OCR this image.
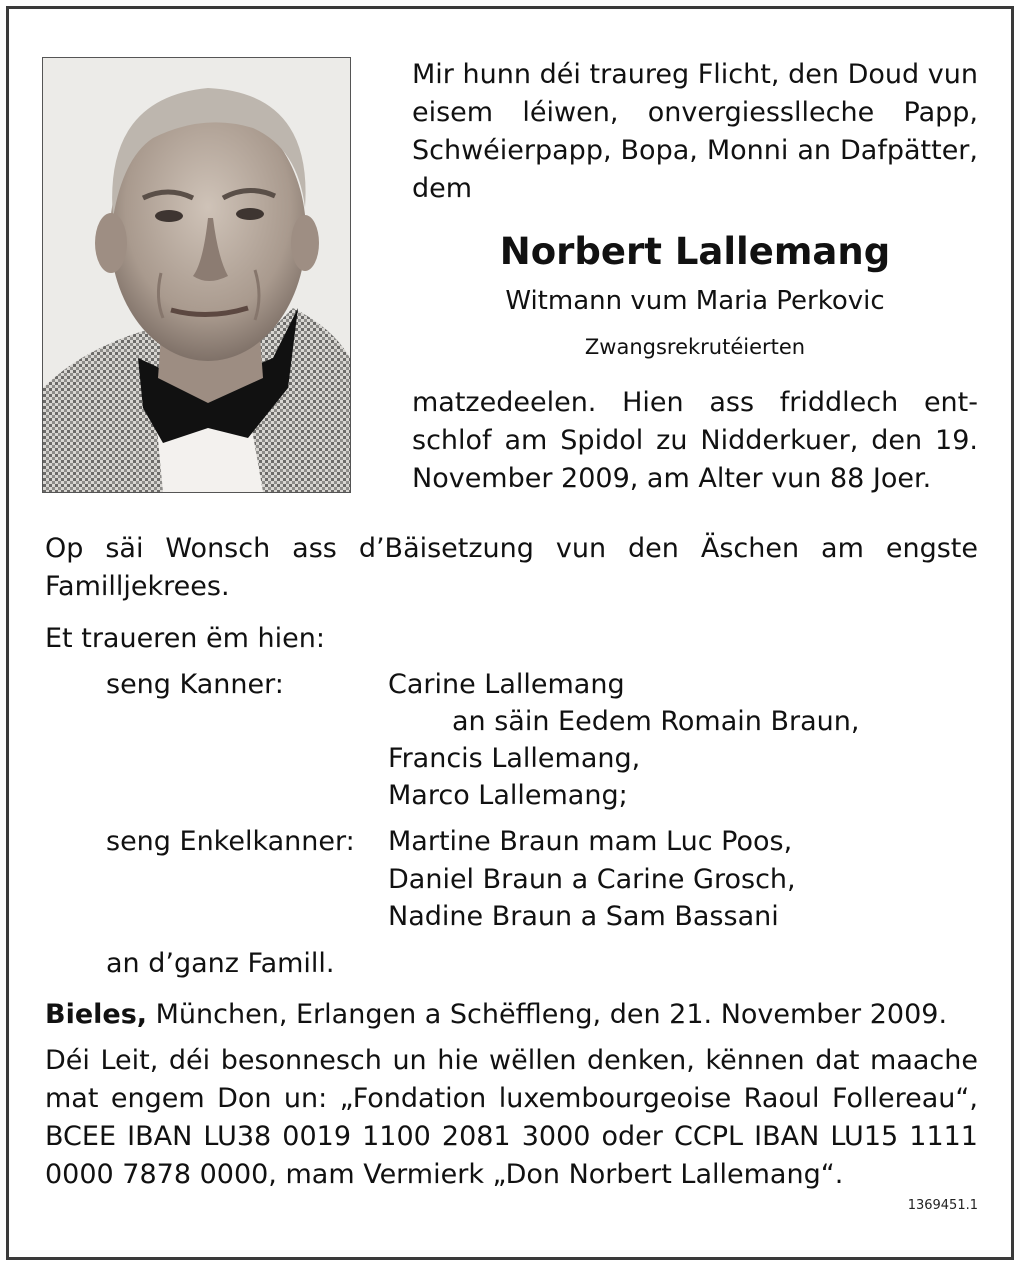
Mir hunn déi traureg Flicht, den Doud vun eisem léiwen, onvergiesslleche Papp, Schwéierpapp, Bopa, Monni an Dafpätter, dem

Norbert Lallemang

Witmann vum Maria Perkovic

Zwangsrekrutéierten

matzedeelen. Hien ass friddlech ent-schlof am Spidol zu Nidderkuer, den 19. November 2009, am Alter vun 88 Joer.

Op säi Wonsch ass d’Bäisetzung vun den Äschen am engste Familljekrees.

Et traueren ëm hien:

seng Kanner:	Carine Lallemang

an säin Eedem Romain Braun,

Francis Lallemang,

Marco Lallemang;

seng Enkelkanner: Martine Braun mam Luc Poos,

Daniel Braun a Carine Grosch,

Nadine Braun a Sam Bassani

an d’ganz Famill.

Bieles, München, Erlangen a Schëffleng, den 21. November 2009.

Déi Leit, déi besonnesch un hie wëllen denken, kënnen dat maache mat engem Don un: „Fondation luxembourgeoise Raoul Follereau“, BCEE IBAN LU38 0019 1100 2081 3000 oder CCPL IBAN LU15 1111 0000 7878 0000, mam Vermierk „Don Norbert Lallemang“.

1369451.1
